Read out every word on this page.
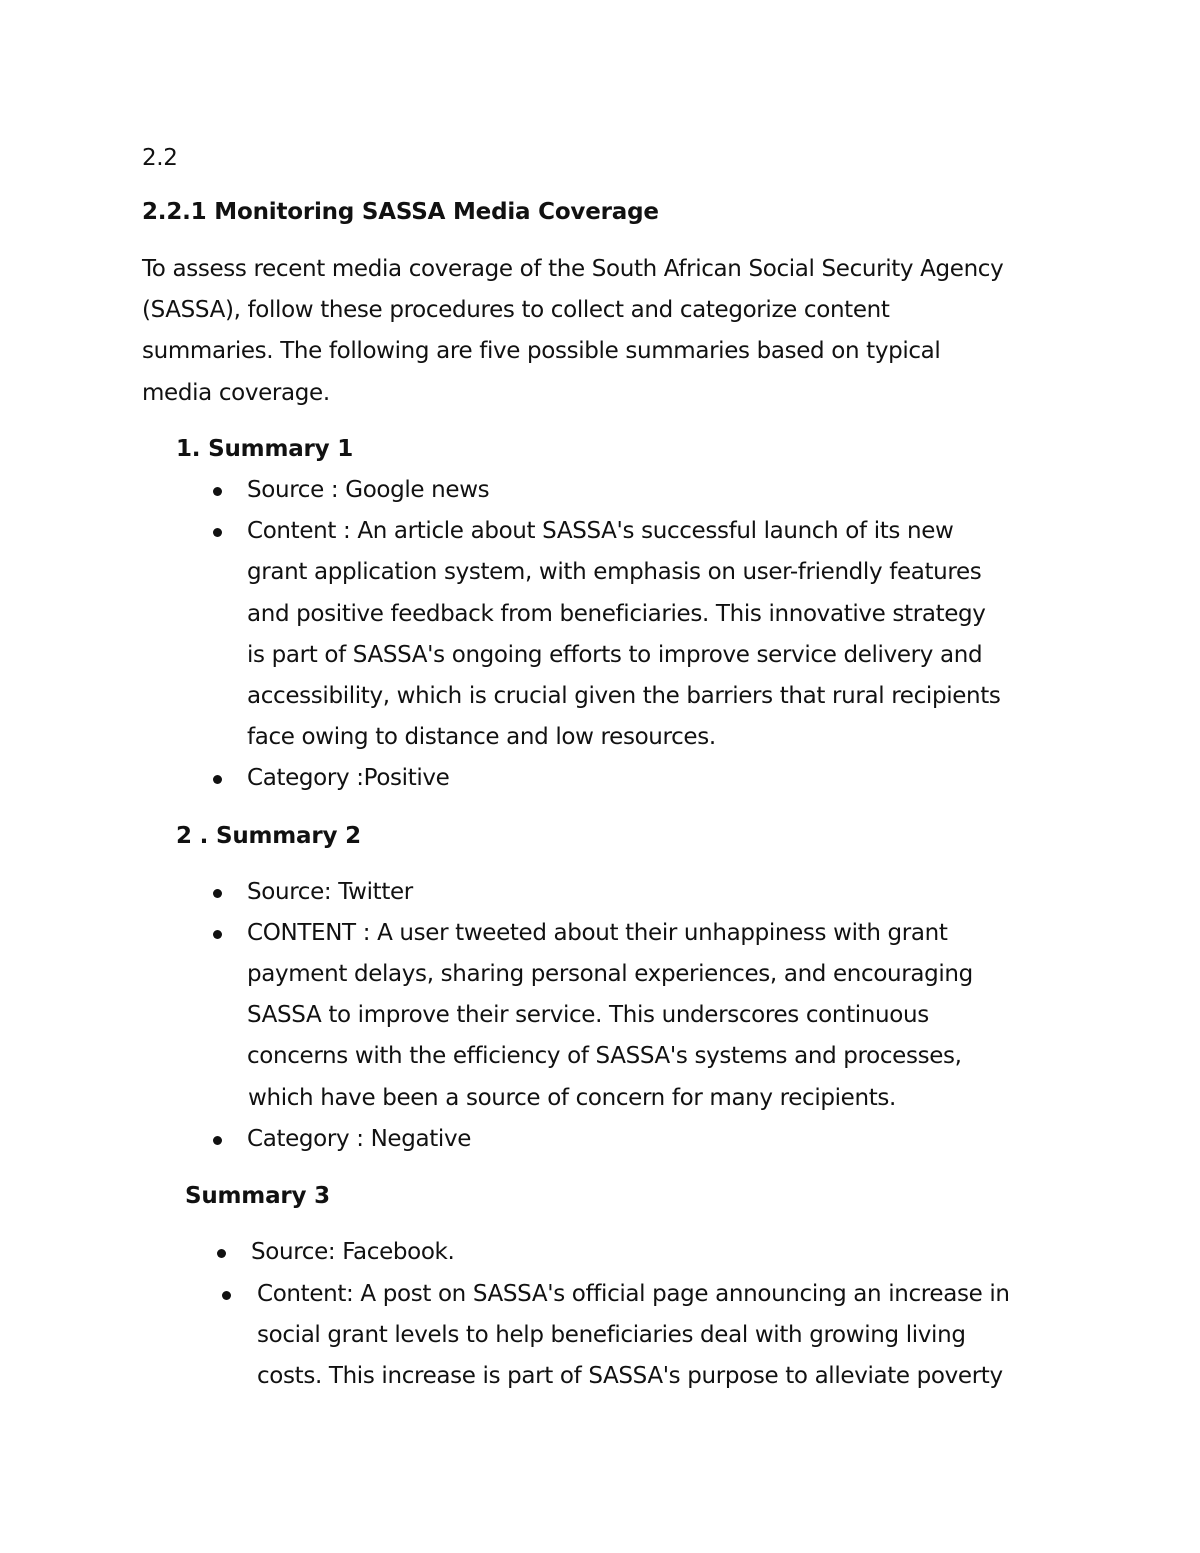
2.2
2.2.1 Monitoring SASSA Media Coverage
To assess recent media coverage of the South African Social Security Agency
(SASSA), follow these procedures to collect and categorize content
summaries. The following are five possible summaries based on typical
media coverage.
1. Summary 1
Source : Google news
Content : An article about SASSA's successful launch of its new
grant application system, with emphasis on user-friendly features
and positive feedback from beneficiaries. This innovative strategy
is part of SASSA's ongoing efforts to improve service delivery and
accessibility, which is crucial given the barriers that rural recipients
face owing to distance and low resources.
Category :Positive
2 . Summary 2
Source: Twitter
CONTENT : A user tweeted about their unhappiness with grant
payment delays, sharing personal experiences, and encouraging
SASSA to improve their service. This underscores continuous
concerns with the efficiency of SASSA's systems and processes,
which have been a source of concern for many recipients.
Category : Negative
Summary 3
Source: Facebook.
Content: A post on SASSA's official page announcing an increase in
social grant levels to help beneficiaries deal with growing living
costs. This increase is part of SASSA's purpose to alleviate poverty
